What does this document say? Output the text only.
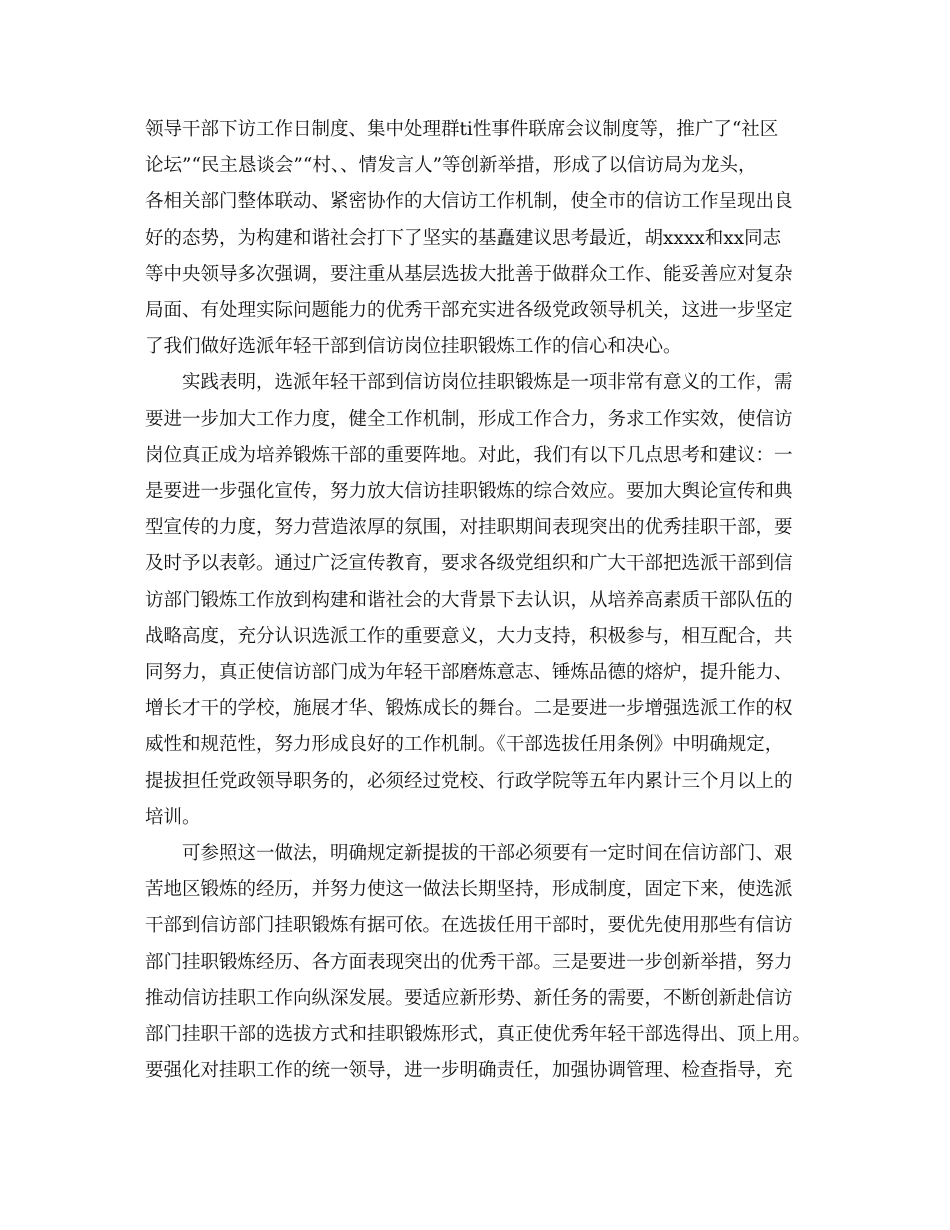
领导干部下访工作日制度、集中处理群ti性事件联席会议制度等，推广了“社区
论坛”“民主恳谈会”“村、、情发言人”等创新举措，形成了以信访局为龙头，
各相关部门整体联动、紧密协作的大信访工作机制，使全市的信访工作呈现出良
好的态势，为构建和谐社会打下了坚实的基矗建议思考最近，胡xxxx和xx同志
等中央领导多次强调，要注重从基层选拔大批善于做群众工作、能妥善应对复杂
局面、有处理实际问题能力的优秀干部充实进各级党政领导机关，这进一步坚定
了我们做好选派年轻干部到信访岗位挂职锻炼工作的信心和决心。

实践表明，选派年轻干部到信访岗位挂职锻炼是一项非常有意义的工作，需
要进一步加大工作力度，健全工作机制，形成工作合力，务求工作实效，使信访
岗位真正成为培养锻炼干部的重要阵地。对此，我们有以下几点思考和建议：一
是要进一步强化宣传，努力放大信访挂职锻炼的综合效应。要加大舆论宣传和典
型宣传的力度，努力营造浓厚的氛围，对挂职期间表现突出的优秀挂职干部，要
及时予以表彰。通过广泛宣传教育，要求各级党组织和广大干部把选派干部到信
访部门锻炼工作放到构建和谐社会的大背景下去认识，从培养高素质干部队伍的
战略高度，充分认识选派工作的重要意义，大力支持，积极参与，相互配合，共
同努力，真正使信访部门成为年轻干部磨炼意志、锤炼品德的熔炉，提升能力、
增长才干的学校，施展才华、锻炼成长的舞台。二是要进一步增强选派工作的权
威性和规范性，努力形成良好的工作机制。《干部选拔任用条例》中明确规定，
提拔担任党政领导职务的，必须经过党校、行政学院等五年内累计三个月以上的
培训。

可参照这一做法，明确规定新提拔的干部必须要有一定时间在信访部门、艰
苦地区锻炼的经历，并努力使这一做法长期坚持，形成制度，固定下来，使选派
干部到信访部门挂职锻炼有据可依。在选拔任用干部时，要优先使用那些有信访
部门挂职锻炼经历、各方面表现突出的优秀干部。三是要进一步创新举措，努力
推动信访挂职工作向纵深发展。要适应新形势、新任务的需要，不断创新赴信访
部门挂职干部的选拔方式和挂职锻炼形式，真正使优秀年轻干部选得出、顶上用。
要强化对挂职工作的统一领导，进一步明确责任，加强协调管理、检查指导，充
